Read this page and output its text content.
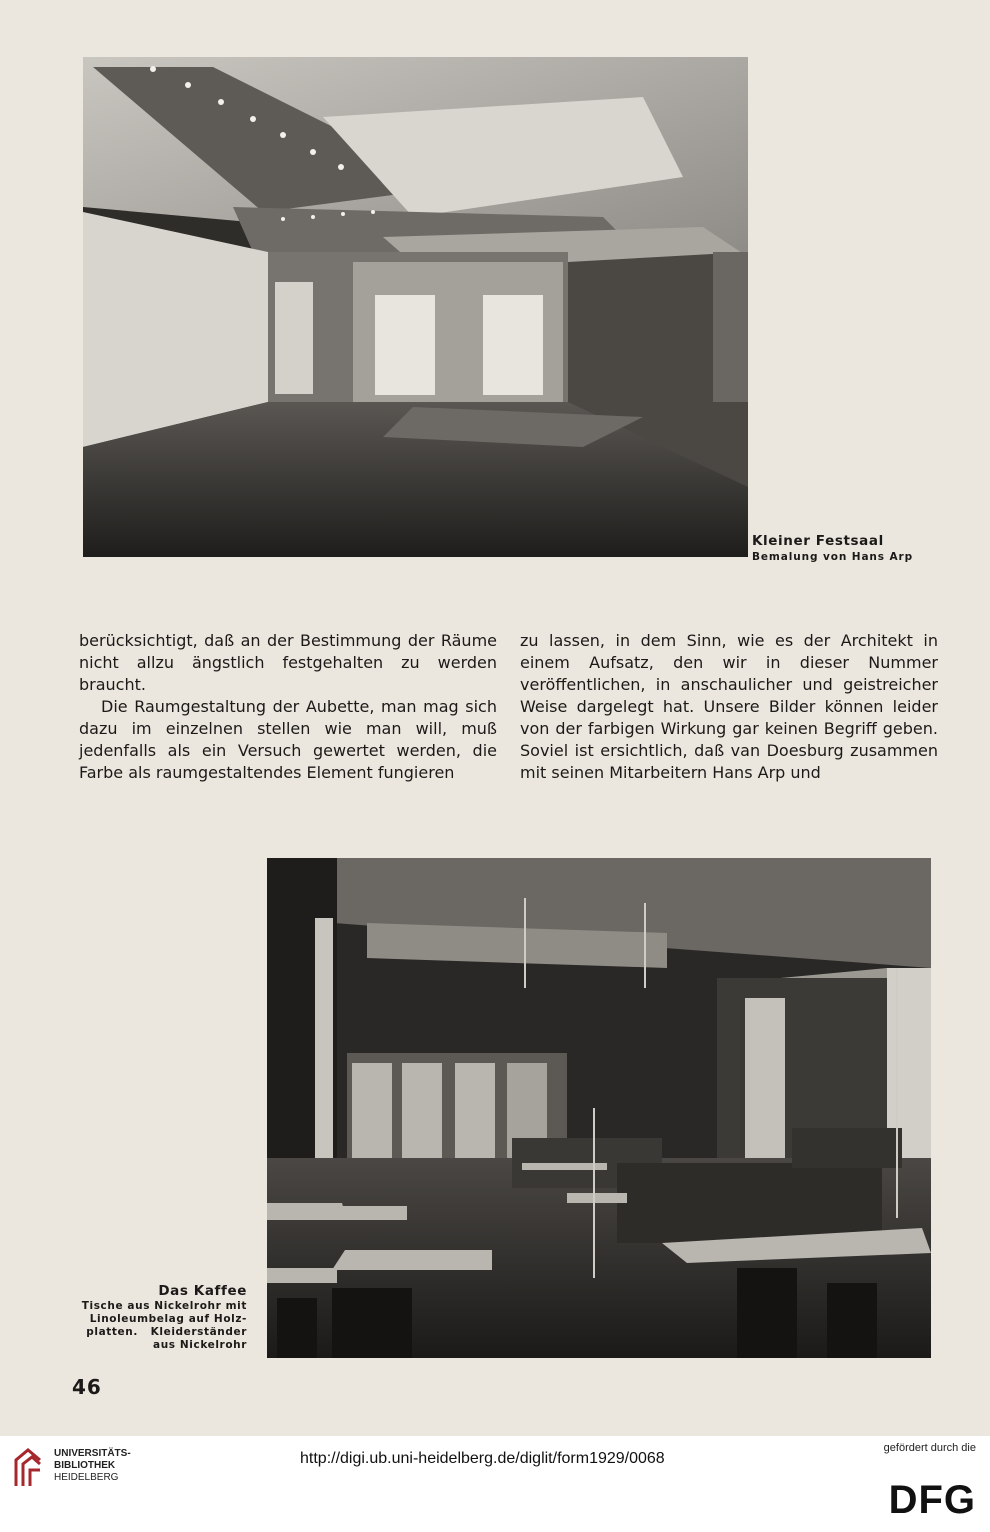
Kleiner Festsaal
Bemalung von Hans Arp

berücksichtigt, daß an der Bestimmung der Räume nicht allzu ängstlich festgehalten zu werden braucht.

Die Raumgestaltung der Aubette, man mag sich dazu im einzelnen stellen wie man will, muß jedenfalls als ein Versuch gewertet werden, die Farbe als raumgestaltendes Element fungieren

zu lassen, in dem Sinn, wie es der Architekt in einem Aufsatz, den wir in dieser Nummer veröffentlichen, in anschaulicher und geistreicher Weise dargelegt hat. Unsere Bilder können leider von der farbigen Wirkung gar keinen Begriff geben. Soviel ist ersichtlich, daß van Doesburg zusammen mit seinen Mitarbeitern Hans Arp und

Das Kaffee
Tische aus Nickelrohr mit
Linoleumbelag auf Holz-
platten.   Kleiderständer
aus Nickelrohr
46
UNIVERSITÄTS-
BIBLIOTHEK
HEIDELBERG
http://digi.ub.uni-heidelberg.de/diglit/form1929/0068
gefördert durch die
DFG
